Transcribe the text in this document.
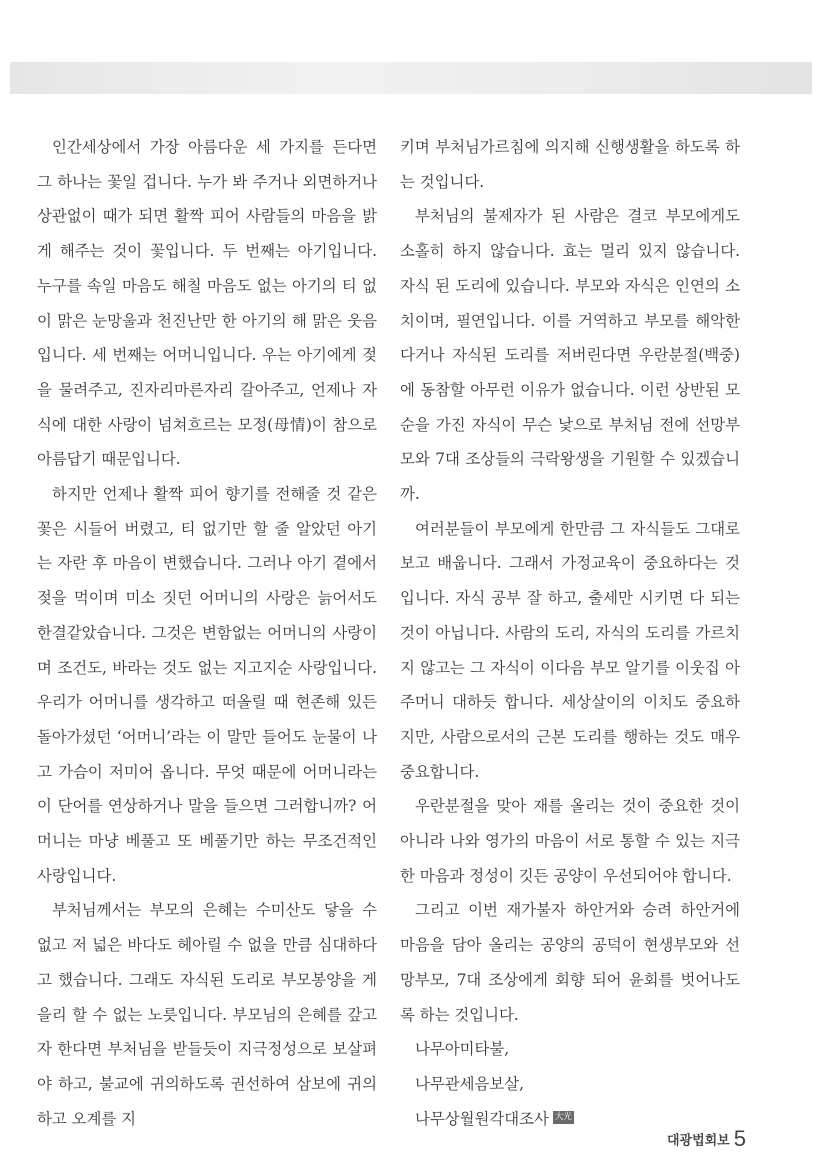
인간세상에서 가장 아름다운 세 가지를 든다면 그 하나는 꽃일 겁니다. 누가 봐 주거나 외면하거나 상관없이 때가 되면 활짝 피어 사람들의 마음을 밝게 해주는 것이 꽃입니다. 두 번째는 아기입니다. 누구를 속일 마음도 해칠 마음도 없는 아기의 티 없이 맑은 눈망울과 천진난만 한 아기의 해 맑은 웃음입니다. 세 번째는 어머니입니다. 우는 아기에게 젖을 물려주고, 진자리마른자리 갈아주고, 언제나 자식에 대한 사랑이 넘쳐흐르는 모정(母情)이 참으로 아름답기 때문입니다.

하지만 언제나 활짝 피어 향기를 전해줄 것 같은 꽃은 시들어 버렸고, 티 없기만 할 줄 알았던 아기는 자란 후 마음이 변했습니다. 그러나 아기 곁에서 젖을 먹이며 미소 짓던 어머니의 사랑은 늙어서도 한결같았습니다. 그것은 변함없는 어머니의 사랑이며 조건도, 바라는 것도 없는 지고지순 사랑입니다. 우리가 어머니를 생각하고 떠올릴 때 현존해 있든 돌아가셨던 ‘어머니’라는 이 말만 들어도 눈물이 나고 가슴이 저미어 옵니다. 무엇 때문에 어머니라는 이 단어를 연상하거나 말을 들으면 그러합니까? 어머니는 마냥 베풀고 또 베풀기만 하는 무조건적인 사랑입니다.

부처님께서는 부모의 은혜는 수미산도 닿을 수 없고 저 넓은 바다도 헤아릴 수 없을 만큼 심대하다고 했습니다. 그래도 자식된 도리로 부모봉양을 게을리 할 수 없는 노릇입니다. 부모님의 은혜를 갚고자 한다면 부처님을 받들듯이 지극정성으로 보살펴야 하고, 불교에 귀의하도록 권선하여 삼보에 귀의하고 오계를 지

키며 부처님가르침에 의지해 신행생활을 하도록 하는 것입니다.

부처님의 불제자가 된 사람은 결코 부모에게도 소홀히 하지 않습니다. 효는 멀리 있지 않습니다. 자식 된 도리에 있습니다. 부모와 자식은 인연의 소치이며, 필연입니다. 이를 거역하고 부모를 해악한다거나 자식된 도리를 저버린다면 우란분절(백중)에 동참할 아무런 이유가 없습니다. 이런 상반된 모순을 가진 자식이 무슨 낯으로 부처님 전에 선망부모와 7대 조상들의 극락왕생을 기원할 수 있겠습니까.

여러분들이 부모에게 한만큼 그 자식들도 그대로 보고 배웁니다. 그래서 가정교육이 중요하다는 것입니다. 자식 공부 잘 하고, 출세만 시키면 다 되는 것이 아닙니다. 사람의 도리, 자식의 도리를 가르치지 않고는 그 자식이 이다음 부모 알기를 이웃집 아주머니 대하듯 합니다. 세상살이의 이치도 중요하지만, 사람으로서의 근본 도리를 행하는 것도 매우 중요합니다.

우란분절을 맞아 재를 올리는 것이 중요한 것이 아니라 나와 영가의 마음이 서로 통할 수 있는 지극한 마음과 정성이 깃든 공양이 우선되어야 합니다.

그리고 이번 재가불자 하안거와 승려 하안거에 마음을 담아 올리는 공양의 공덕이 현생부모와 선망부모, 7대 조상에게 회향 되어 윤회를 벗어나도록 하는 것입니다.

나무아미타불,

나무관세음보살,

나무상월원각대조사 大光

대광법회보 5
